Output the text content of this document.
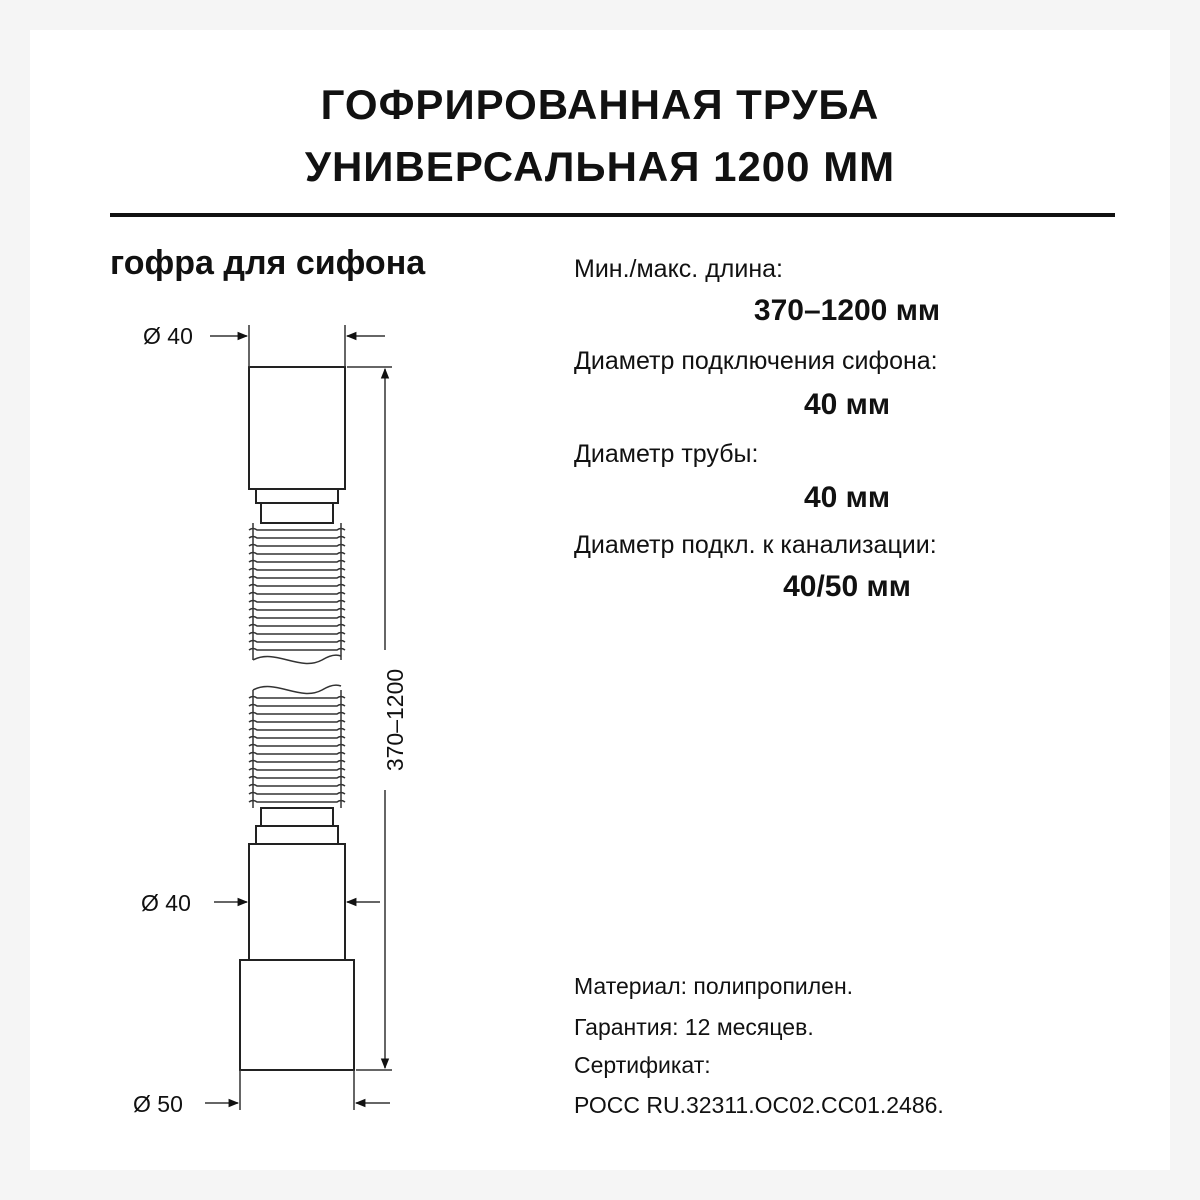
ГОФРИРОВАННАЯ ТРУБА
УНИВЕРСАЛЬНАЯ 1200 ММ
гофра для сифона	Мин./макс. длина:
370–1200 мм
Диаметр подключения сифона:
40 мм
Диаметр трубы:
40 мм
Диаметр подкл. к канализации:
40/50 мм
Материал: полипропилен.
Гарантия: 12 месяцев.
Сертификат:
РОСС RU.32311.ОС02.СС01.2486.
Ø 40
Ø 40
Ø 50
370–1200
